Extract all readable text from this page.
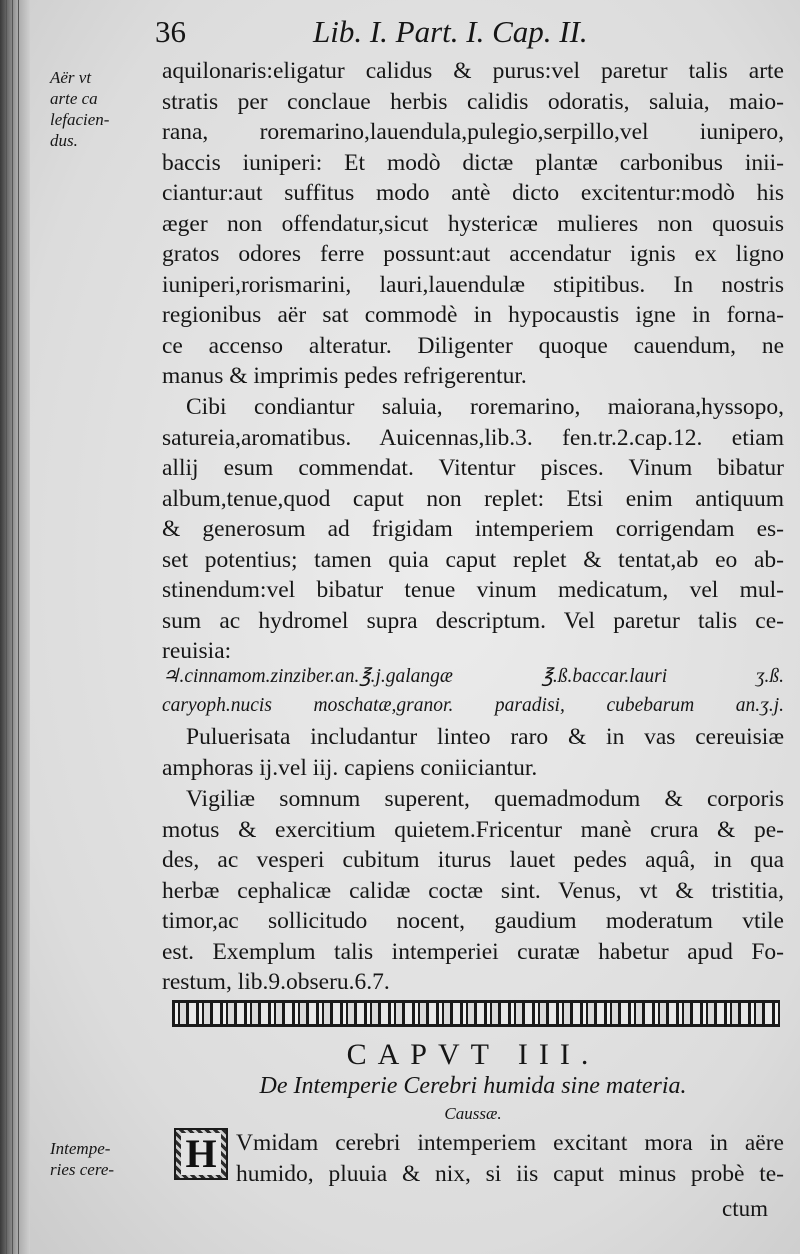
36	Lib. I. Part. I. Cap. II.
Aër vt
arte ca
lefacien-
dus.
aquilonaris:eligatur calidus & purus:vel paretur talis arte
stratis per conclaue herbis calidis odoratis, saluia, maio-
rana, roremarino,lauendula,pulegio,serpillo,vel iunipero,
baccis iuniperi: Et modò dictæ plantæ carbonibus inii-
ciantur:aut suffitus modo antè dicto excitentur:modò his
æger non offendatur,sicut hystericæ mulieres non quosuis
gratos odores ferre possunt:aut accendatur ignis ex ligno
iuniperi,rorismarini, lauri,lauendulæ stipitibus. In nostris
regionibus aër sat commodè in hypocaustis igne in forna-
ce accenso alteratur. Diligenter quoque cauendum, ne
manus & imprimis pedes refrigerentur.
Cibi condiantur saluia, roremarino, maiorana,hyssopo,
satureia,aromatibus. Auicennas,lib.3. fen.tr.2.cap.12. etiam
allij esum commendat. Vitentur pisces. Vinum bibatur
album,tenue,quod caput non replet: Etsi enim antiquum
& generosum ad frigidam intemperiem corrigendam es-
set potentius; tamen quia caput replet & tentat,ab eo ab-
stinendum:vel bibatur tenue vinum medicatum, vel mul-
sum ac hydromel supra descriptum. Vel paretur talis ce-
reuisia:
♃.cinnamom.zinziber.an.℥.j.galangæ ℥.ß.baccar.lauri ʒ.ß.
caryoph.nucis moschatæ,granor. paradisi, cubebarum an.ʒ.j.
Puluerisata includantur linteo raro & in vas cereuisiæ
amphoras ij.vel iij. capiens coniiciantur.
Vigiliæ somnum superent, quemadmodum & corporis
motus & exercitium quietem.Fricentur manè crura & pe-
des, ac vesperi cubitum iturus lauet pedes aquâ, in qua
herbæ cephalicæ calidæ coctæ sint. Venus, vt & tristitia,
timor,ac sollicitudo nocent, gaudium moderatum vtile
est. Exemplum talis intemperiei curatæ habetur apud Fo-
restum, lib.9.obseru.6.7.
CAPVT III.
De Intemperie Cerebri humida sine materia.
Caussæ.
Intempe-
ries cere-	H Vmidam cerebri intemperiem excitant mora in aëre
humido, pluuia & nix, si iis caput minus probè te-
ctum
